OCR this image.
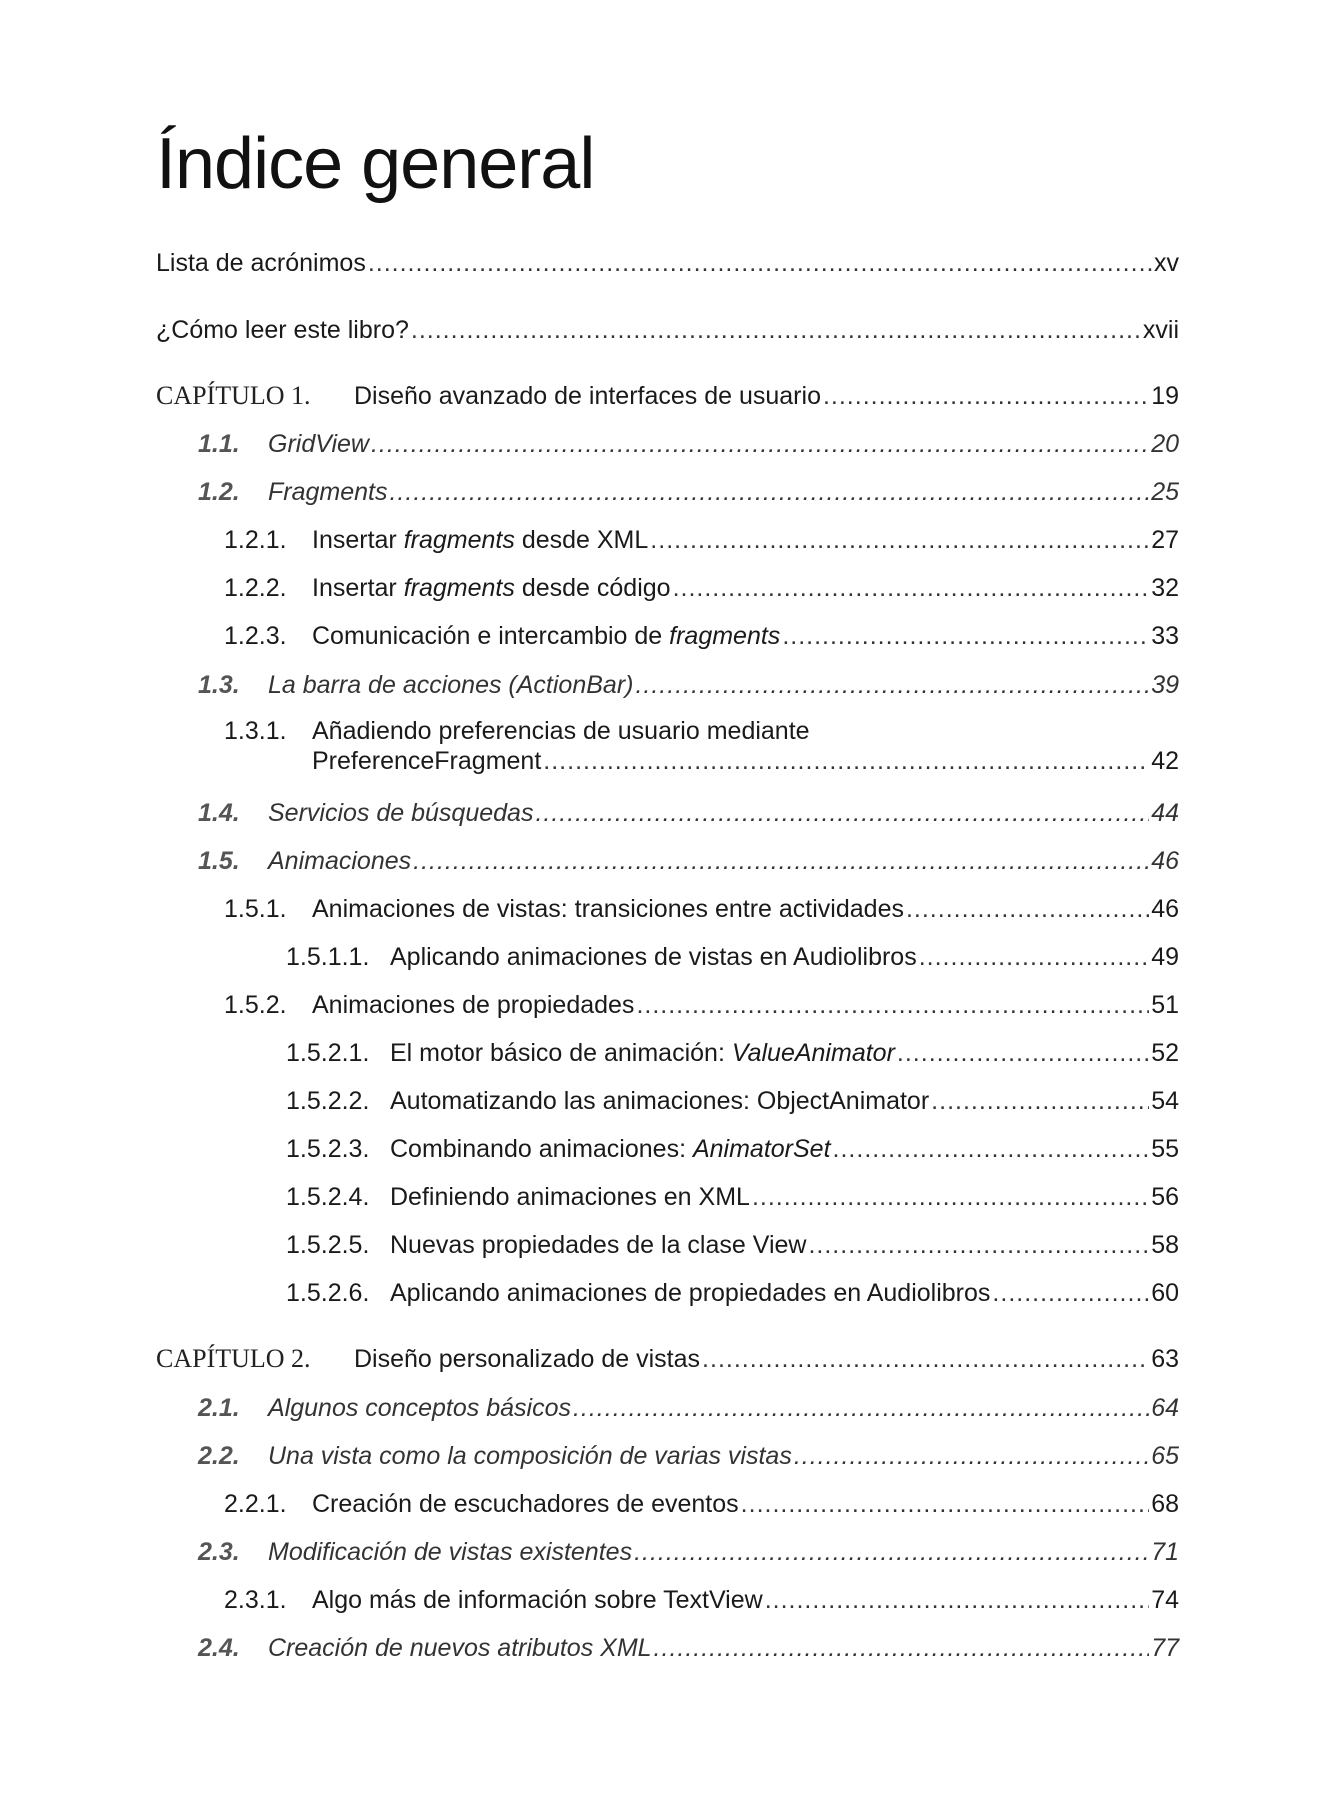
Índice general
Lista de acrónimos .....	xv
¿Cómo leer este libro? .....	xvii
CAPÍTULO 1.	Diseño avanzado de interfaces de usuario .....	19
1.1.	GridView .....	20
1.2.	Fragments .....	25
1.2.1.	Insertar fragments desde XML .....	27
1.2.2.	Insertar fragments desde código .....	32
1.2.3.	Comunicación e intercambio de fragments .....	33
1.3.	La barra de acciones (ActionBar) .....	39
1.3.1.	Añadiendo preferencias de usuario mediante
PreferenceFragment .....	42
1.4.	Servicios de búsquedas .....	44
1.5.	Animaciones .....	46
1.5.1.	Animaciones de vistas: transiciones entre actividades .....	46
1.5.1.1. Aplicando animaciones de vistas en Audiolibros .....	49
1.5.2.	Animaciones de propiedades .....	51
1.5.2.1. El motor básico de animación: ValueAnimator .....	52
1.5.2.2. Automatizando las animaciones: ObjectAnimator .....	54
1.5.2.3. Combinando animaciones: AnimatorSet .....	55
1.5.2.4. Definiendo animaciones en XML .....	56
1.5.2.5. Nuevas propiedades de la clase View .....	58
1.5.2.6. Aplicando animaciones de propiedades en Audiolibros .....	60
CAPÍTULO 2.	Diseño personalizado de vistas .....	63
2.1.	Algunos conceptos básicos .....	64
2.2.	Una vista como la composición de varias vistas .....	65
2.2.1.	Creación de escuchadores de eventos .....	68
2.3.	Modificación de vistas existentes .....	71
2.3.1.	Algo más de información sobre TextView .....	74
2.4.	Creación de nuevos atributos XML .....	77
